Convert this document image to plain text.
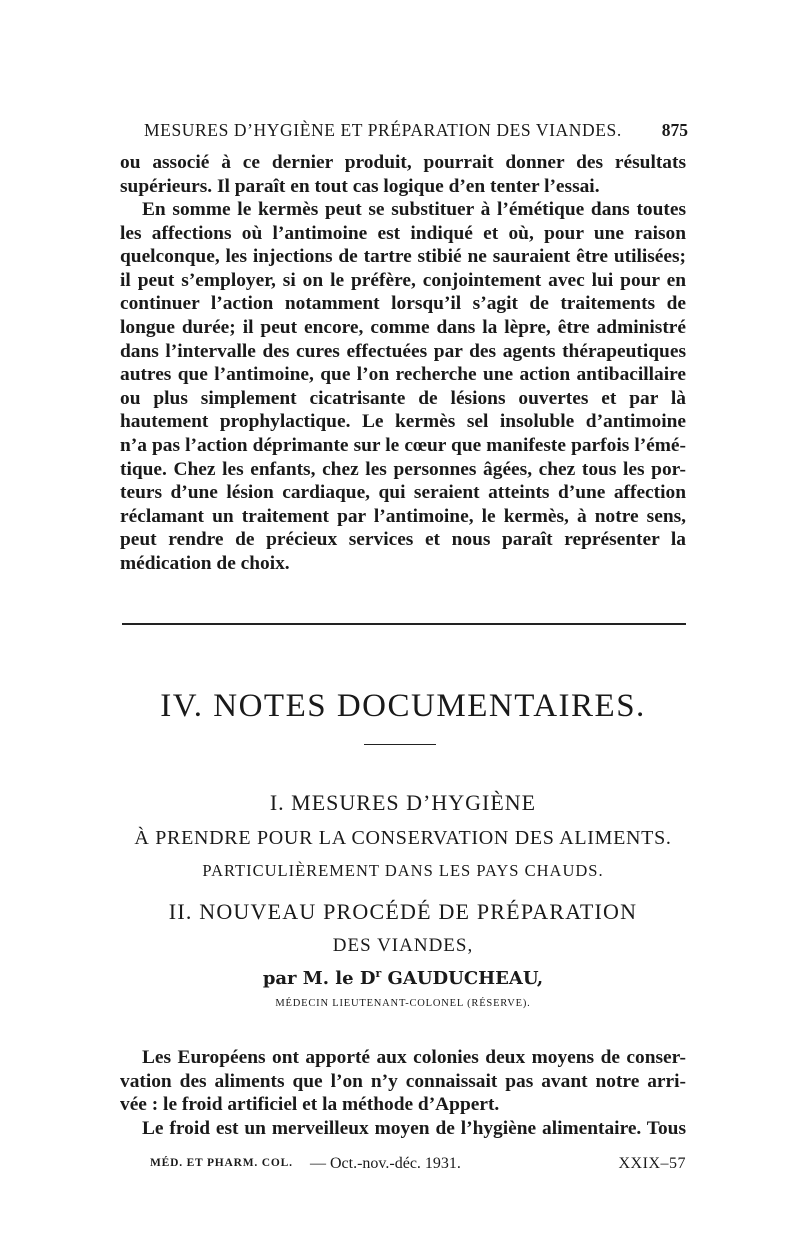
MESURES D’HYGIÈNE ET PRÉPARATION DES VIANDES. 875

ou associé à ce dernier produit, pourrait donner des résultats
supérieurs. Il paraît en tout cas logique d’en tenter l’essai.

En somme le kermès peut se substituer à l’émétique dans toutes
les affections où l’antimoine est indiqué et où, pour une raison
quelconque, les injections de tartre stibié ne sauraient être utilisées;
il peut s’employer, si on le préfère, conjointement avec lui pour en
continuer l’action notamment lorsqu’il s’agit de traitements de
longue durée; il peut encore, comme dans la lèpre, être administré
dans l’intervalle des cures effectuées par des agents thérapeutiques
autres que l’antimoine, que l’on recherche une action antibacillaire
ou plus simplement cicatrisante de lésions ouvertes et par là
hautement prophylactique. Le kermès sel insoluble d’antimoine
n’a pas l’action déprimante sur le cœur que manifeste parfois l’émé-
tique. Chez les enfants, chez les personnes âgées, chez tous les por-
teurs d’une lésion cardiaque, qui seraient atteints d’une affection
réclamant un traitement par l’antimoine, le kermès, à notre sens,
peut rendre de précieux services et nous paraît représenter la
médication de choix.

IV. NOTES DOCUMENTAIRES.

I. MESURES D’HYGIÈNE

À PRENDRE POUR LA CONSERVATION DES ALIMENTS.

PARTICULIÈREMENT DANS LES PAYS CHAUDS.

II. NOUVEAU PROCÉDÉ DE PRÉPARATION

DES VIANDES,

par M. le $D^r$ GAUDUCHEAU,

MÉDECIN LIEUTENANT-COLONEL (RÉSERVE).

Les Européens ont apporté aux colonies deux moyens de conser-
vation des aliments que l’on n’y connaissait pas avant notre arri-
vée : le froid artificiel et la méthode d’Appert.

Le froid est un merveilleux moyen de l’hygiène alimentaire. Tous

MÉD. ET PHARM. COL. — Oct.-nov.-déc. 1931.	XXIX–57
